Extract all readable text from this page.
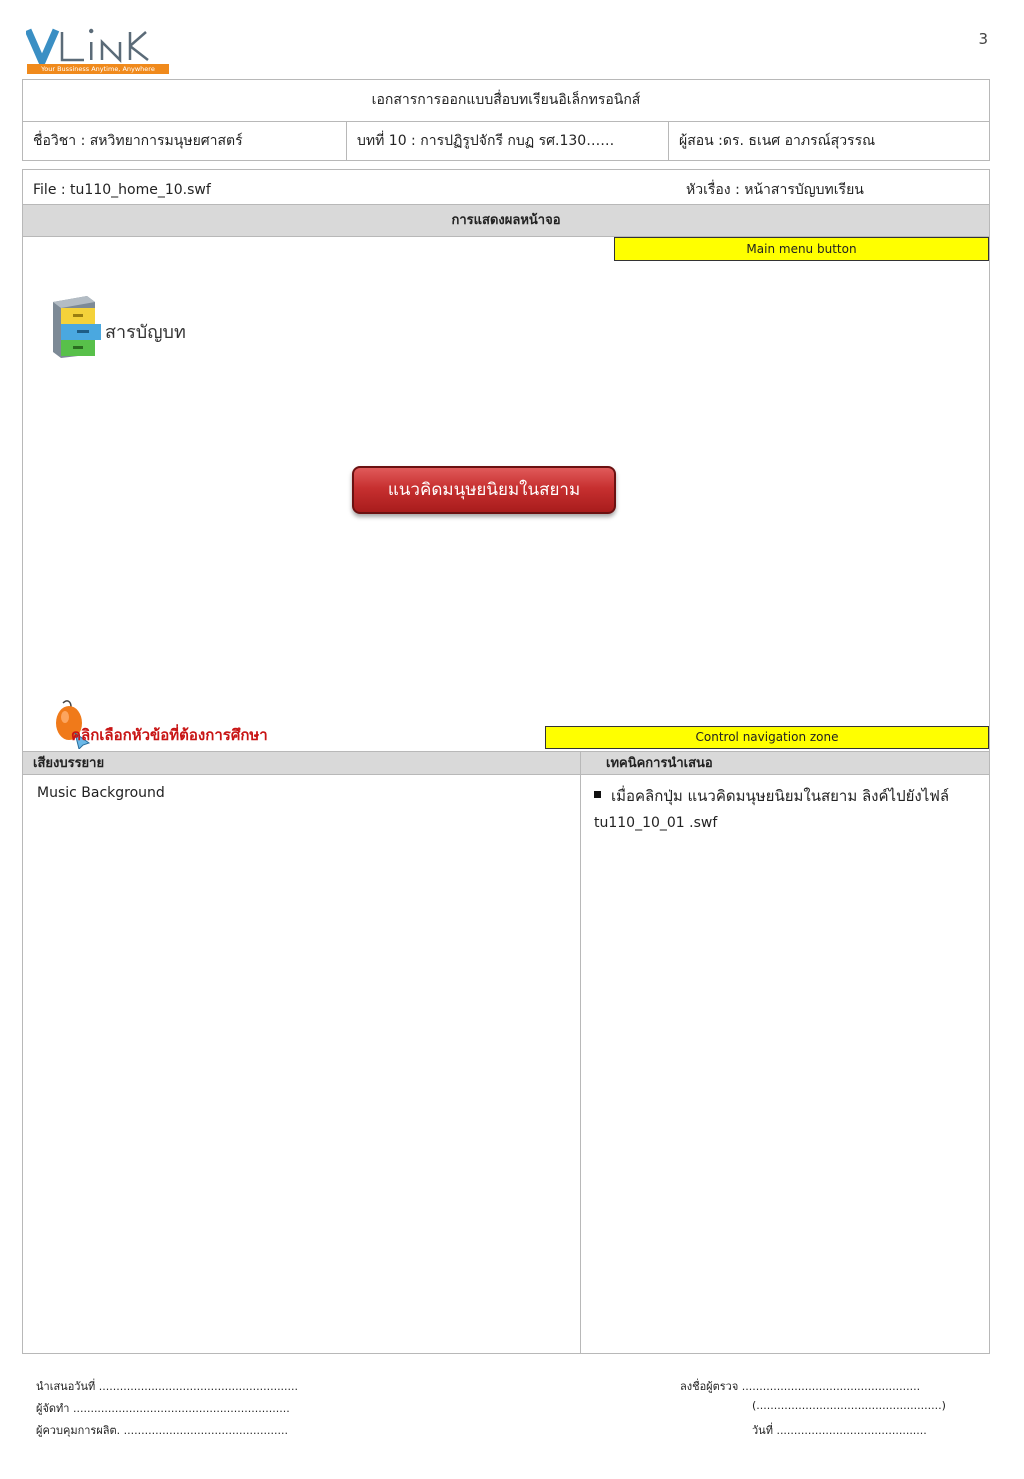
Your Bussiness Anytime, Anywhere
3
เอกสารการออกแบบสื่อบทเรียนอิเล็กทรอนิกส์
ชื่อวิชา : สหวิทยาการมนุษยศาสตร์	บทที่ 10 : การปฏิรูปจักรี กบฏ รศ.130……	ผู้สอน :ดร. ธเนศ อาภรณ์สุวรรณ
File : tu110_home_10.swf	หัวเรื่อง : หน้าสารบัญบทเรียน
การแสดงผลหน้าจอ
Main menu button
สารบัญบท
แนวคิดมนุษยนิยมในสยาม
คลิกเลือกหัวข้อที่ต้องการศึกษา	Control navigation zone
เสียงบรรยาย	เทคนิคการนำเสนอ
Music Background	เมื่อคลิกปุ่ม แนวคิดมนุษยนิยมในสยาม ลิงค์ไปยังไฟล์
tu110_10_01 .swf
นำเสนอวันที่ .........................................................
ผู้จัดทำ ..............................................................
ผู้ควบคุมการผลิต. ...............................................
ลงชื่อผู้ตรวจ ...................................................
(.....................................................)
วันที่ ...........................................
